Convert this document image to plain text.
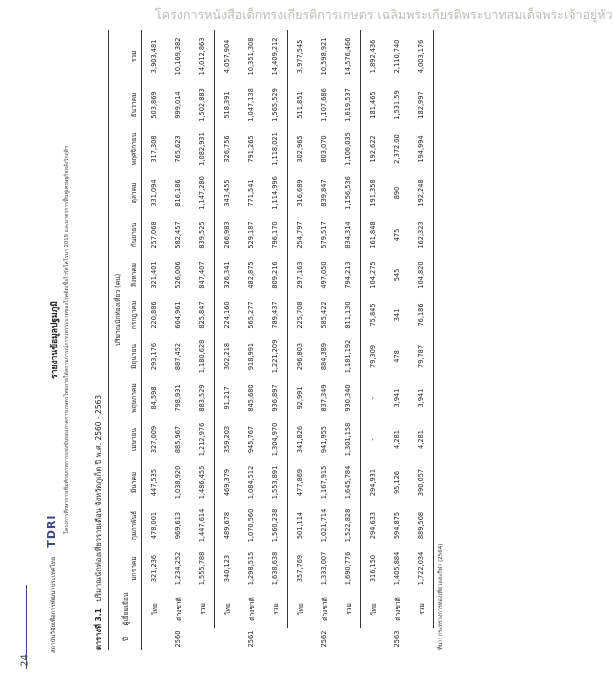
โครงการหนังสือเด็กทรงเกียรติการเกษตร เฉลิมพระเกียรติพระบาทสมเด็จพระเจ้าอยู่หัว
รายงานข้อมูลปฐมภูมิ โครงการศึกษาการเพิ่มศักยภาพการแข่งขันของภาคการเกษตรไทยภายใต้สถานการณ์การแพร่ระบาดของโรคติดเชื้อไวรัสโคโรนา 2019 และมาตรการฟื้นฟูเศรษฐกิจหลังวิกฤติฯ
ตารางที่ 3.1 ปริมาณนักท่องเที่ยวรายเดือน จังหวัดภูเก็ต ปี พ.ศ. 2560 - 2563
ปี	ผู้เยี่ยมเยือน	ปริมาณนักท่องเที่ยว (คน)												
		มกราคม	กุมภาพันธ์	มีนาคม	เมษายน	พฤษภาคม	มิถุนายน	กรกฎาคม	สิงหาคม	กันยายน	ตุลาคม	พฤศจิกายน	ธันวาคม	รวม
2560	ไทย	321,236	478,001	447,535	327,009	84,598	293,176	220,886	321,401	257,068	331,094	317,308	503,869	3,903,481
	ต่างชาติ	1,234,252	969,613	1,038,920	885,967	798,931	887,452	604,961	526,006	582,457	816,186	765,623	999,014	10,109,382
	รวม	1,555,788	1,447,614	1,486,455	1,212,976	883,529	1,180,628	825,847	847,407	839,525	1,147,280	1,082,931	1,502,883	14,012,863
2561	ไทย	340,123	489,678	469,379	359,203	91,217	302,218	224,160	326,341	266,983	343,455	326,756	518,391	4,057,904
	ต่างชาติ	1,298,515	1,070,560	1,084,512	945,767	845,680	918,991	565,277	482,875	529,187	771,541	791,265	1,047,138	10,351,308
	รวม	1,638,638	1,560,238	1,553,891	1,304,970	936,897	1,221,209	789,437	809,216	796,170	1,114,996	1,118,021	1,565,529	14,409,212
2562	ไทย	357,769	501,114	477,869	341,826	92,991	296,803	225,708	297,163	254,797	316,689	302,965	511,851	3,977,545
	ต่างชาติ	1,333,007	1,021,714	1,167,915	941,955	837,349	884,389	585,422	497,050	579,517	839,847	803,070	1,107,686	10,598,921
	รวม	1,690,776	1,522,828	1,645,784	1,301,158	930,340	1,181,192	811,130	794,213	834,314	1,156,536	1,106,035	1,619,537	14,576,466
2563	ไทย	316,150	294,633	294,931	-	-	79,309	75,845	104,275	161,848	191,358	192,622	181,465	1,892,436
	ต่างชาติ	1,405,884	594,875	95,126	4,281	3,941	478	341	545	475	890	2,372.00	1,531.59	2,110,740
	รวม	1,722,034	889,508	390,057	4,281	3,941	79,787	76,186	104,820	162,323	192,248	194,994	182,997	4,003,176
ที่มา: กระทรวงการท่องเที่ยวและกีฬา (2564)
24
สถาบันวิจัยเพื่อการพัฒนาประเทศไทย TDRI
